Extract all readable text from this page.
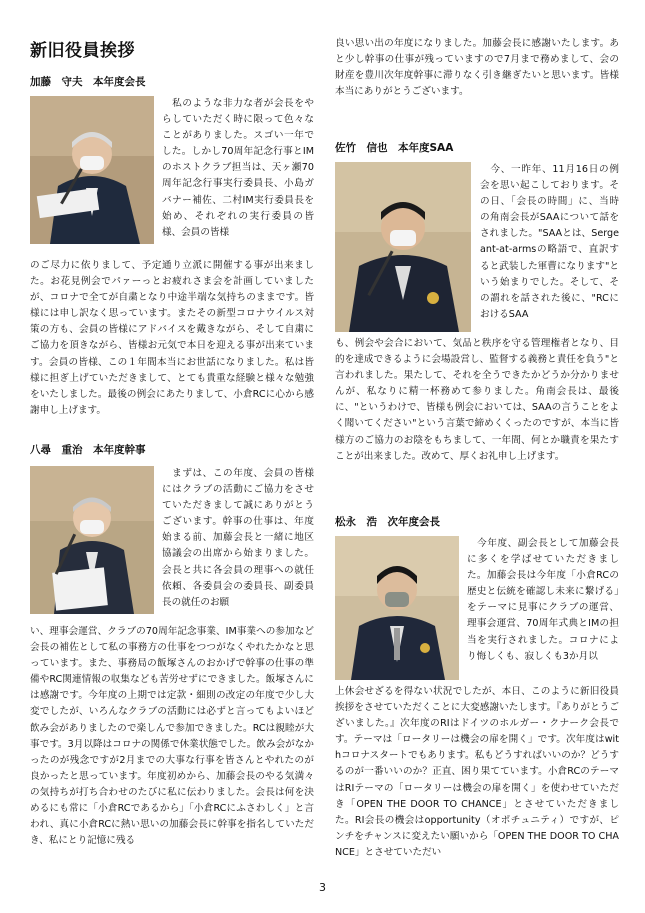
新旧役員挨拶

加藤　守夫　本年度会長

　私のような非力な者が会長をやらしていただく時に限って色々なことがありました。スゴい一年でした。しかし70周年記念行事とIMのホストクラブ担当は、天ヶ瀬70周年記念行事実行委員長、小島ガバナー補佐、二村IM実行委員長を始め、それぞれの実行委員の皆様、会員の皆様

のご尽力に依りまして、予定通り立派に開催する事が出来ました。お花見例会でパァーっとお疲れさま会を計画していましたが、コロナで全てが自粛となり中途半端な気持ちのままです。皆様には申し訳なく思っています。またその新型コロナウイルス対策の方も、会員の皆様にアドバイスを戴きながら、そして自粛にご協力を頂きながら、皆様お元気で本日を迎える事が出来ています。会員の皆様、この１年間本当にお世話になりました。私は皆様に担ぎ上げていただきまして、とても貴重な経験と様々な勉強をいたしました。最後の例会にあたりまして、小倉RCに心から感謝申し上げます。

八尋　重治　本年度幹事

　まずは、この年度、会員の皆様にはクラブの活動にご協力をさせていただきまして誠にありがとうございます。幹事の仕事は、年度始まる前、加藤会長と一緒に地区協議会の出席から始まりました。会長と共に各会員の理事への就任依頼、各委員会の委員長、副委員長の就任のお願

い、理事会運営、クラブの70周年記念事業、IM事業への参加など会長の補佐として私の事務方の仕事をつつがなくやれたかなと思っています。また、事務局の飯塚さんのおかげで幹事の仕事の準備やRC関連情報の収集なども苦労せずにできました。飯塚さんには感謝です。今年度の上期では定款・細則の改定の年度で少し大変でしたが、いろんなクラブの活動には必ずと言ってもよいほど飲み会がありましたので楽しんで参加できました。RCは親睦が大事です。3月以降はコロナの関係で休業状態でした。飲み会がなかったのが残念ですが2月までの大事な行事を皆さんとやれたのが良かったと思っています。年度初めから、加藤会長のやる気満々の気持ちが打ち合わせのたびに私に伝わりました。会長は何を決めるにも常に「小倉RCであるから」「小倉RCにふさわしく」と言われ、真に小倉RCに熱い思いの加藤会長に幹事を指名していただき、私にとり記憶に残る

良い思い出の年度になりました。加藤会長に感謝いたします。あと少し幹事の仕事が残っていますので7月まで務めまして、会の財産を豊川次年度幹事に滞りなく引き継ぎたいと思います。皆様本当にありがとうございます。

佐竹　信也　本年度SAA

　今、一昨年、11月16日の例会を思い起こしております。その日、「会長の時間」に、当時の角南会長がSAAについて話をされました。"SAAとは、Sergeant-at-armsの略語で、直訳すると武装した軍曹になります"という始まりでした。そして、その謂れを話された後に、"RCにおけるSAA

も、例会や会合において、気品と秩序を守る管理権者となり、目的を達成できるように会場設営し、監督する義務と責任を負う"と言われました。果たして、それを全うできたかどうか分かりませんが、私なりに精一杯務めて参りました。角南会長は、最後に、"というわけで、皆様も例会においては、SAAの言うことをよく聞いてください"という言葉で締めくくったのですが、本当に皆様方のご協力のお陰をもちまして、一年間、何とか職責を果たすことが出来ました。改めて、厚くお礼申し上げます。

松永　浩　次年度会長

　今年度、副会長として加藤会長に多くを学ばせていただきました。加藤会長は今年度「小倉RCの歴史と伝統を確認し未来に繋げる」をテーマに見事にクラブの運営、理事会運営、70周年式典とIMの担当を実行されました。コロナにより悔しくも、寂しくも3か月以

上休会せざるを得ない状況でしたが、本日、このように新旧役員挨拶をさせていただくことに大変感謝いたします。『ありがとうございました。』次年度のRIはドイツのホルガー・クナーク会長です。テーマは「ロータリーは機会の扉を開く」です。次年度はwithコロナスタートでもあります。私もどうすればいいのか？どうするのが一番いいのか？正直、困り果てています。小倉RCのテーマはRIテーマの「ロータリーは機会の扉を開く」を使わせていただき「OPEN THE DOOR TO CHANCE」とさせていただきました。RI会長の機会はopportunity（オポチュニティ）ですが、ピンチをチャンスに変えたい願いから「OPEN THE DOOR TO CHANCE」とさせていただい

3
